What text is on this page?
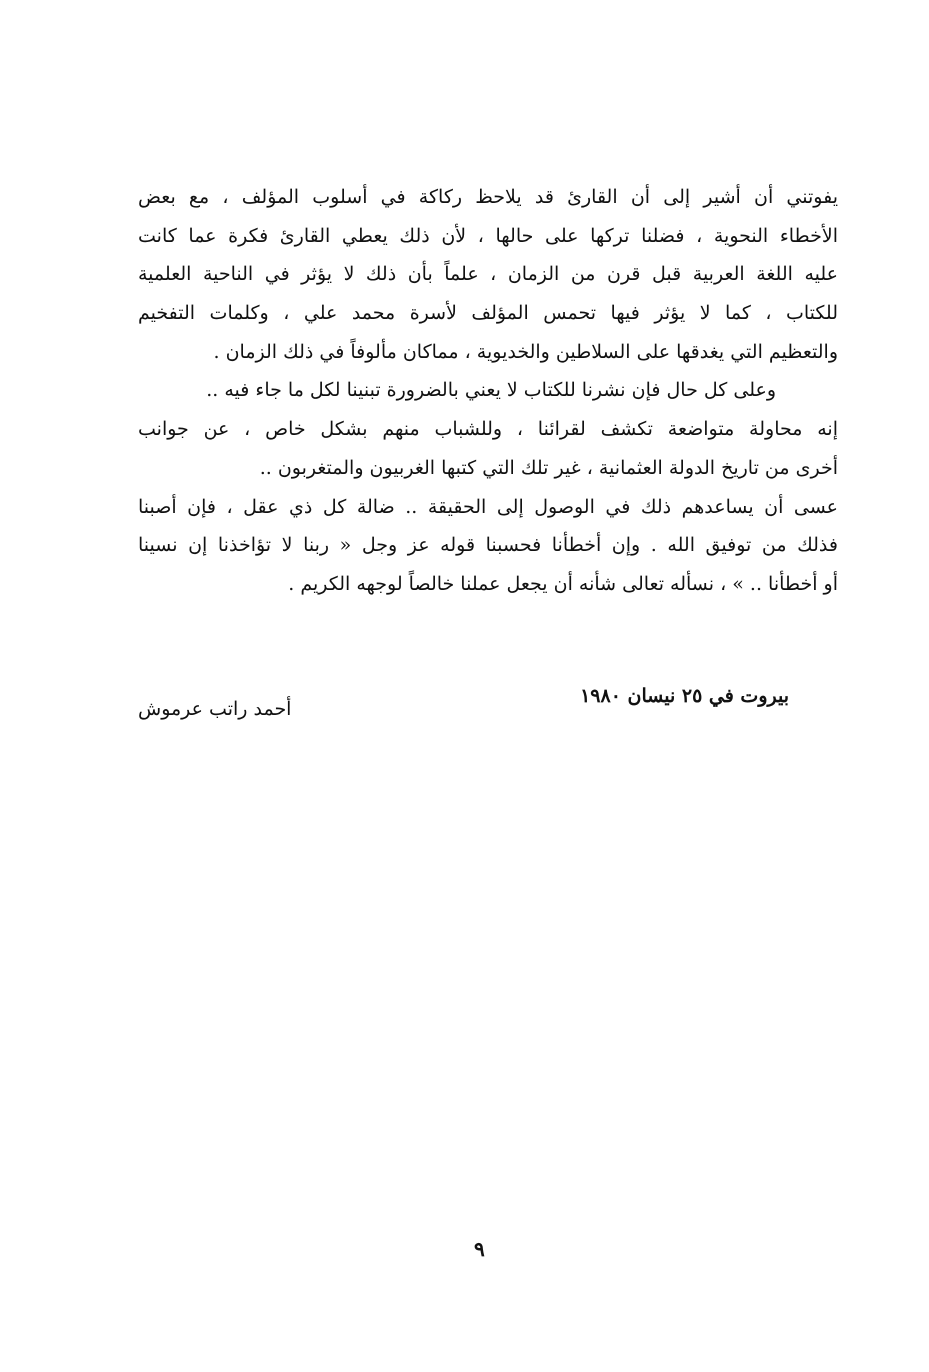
يفوتني أن أشير إلى أن القارئ قد يلاحظ ركاكة في أسلوب المؤلف ، مع بعض
الأخطاء النحوية ، فضلنا تركها على حالها ، لأن ذلك يعطي القارئ فكرة عما كانت
عليه اللغة العربية قبل قرن من الزمان ، علماً بأن ذلك لا يؤثر في الناحية العلمية
للكتاب ، كما لا يؤثر فيها تحمس المؤلف لأسرة محمد علي ، وكلمات التفخيم
والتعظيم التي يغدقها على السلاطين والخديوية ، مماكان مألوفاً في ذلك الزمان .
وعلى كل حال فإن نشرنا للكتاب لا يعني بالضرورة تبنينا لكل ما جاء فيه ..
إنه محاولة متواضعة تكشف لقرائنا ، وللشباب منهم بشكل خاص ، عن جوانب
أخرى من تاريخ الدولة العثمانية ، غير تلك التي كتبها الغربيون والمتغربون ..
عسى أن يساعدهم ذلك في الوصول إلى الحقيقة .. ضالة كل ذي عقل ، فإن أصبنا
فذلك من توفيق الله . وإن أخطأنا فحسبنا قوله عز وجل « ربنا لا تؤاخذنا إن نسينا
أو أخطأنا .. » ، نسأله تعالى شأنه أن يجعل عملنا خالصاً لوجهه الكريم .
بيروت في ٢٥ نيسان ١٩٨٠
أحمد راتب عرموش
٩
